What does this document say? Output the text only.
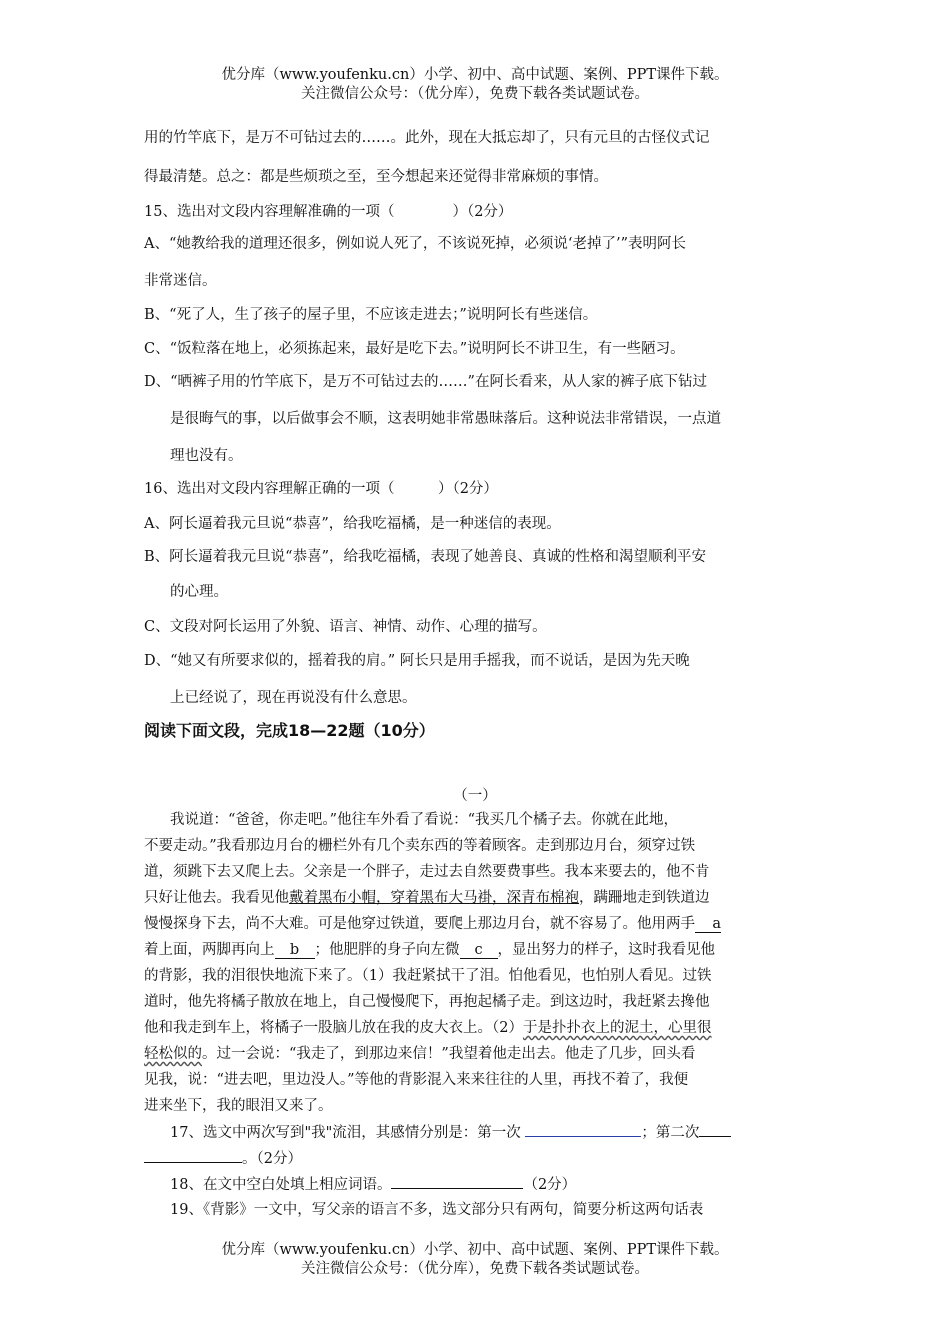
优分库（www.youfenku.cn）小学、初中、高中试题、案例、PPT课件下载。
关注微信公众号：（优分库），免费下载各类试题试卷。
用的竹竿底下，是万不可钻过去的……。此外，现在大抵忘却了，只有元旦的古怪仪式记
得最清楚。总之：都是些烦琐之至，至今想起来还觉得非常麻烦的事情。
15、选出对文段内容理解准确的一项（　　　　）（2分）
A、“她教给我的道理还很多，例如说人死了，不该说死掉，必须说‘老掉了’”表明阿长
非常迷信。
B、“死了人，生了孩子的屋子里，不应该走进去；”说明阿长有些迷信。
C、“饭粒落在地上，必须拣起来，最好是吃下去。”说明阿长不讲卫生，有一些陋习。
D、“晒裤子用的竹竿底下，是万不可钻过去的……”在阿长看来，从人家的裤子底下钻过
是很晦气的事，以后做事会不顺，这表明她非常愚昧落后。这种说法非常错误，一点道
理也没有。
16、选出对文段内容理解正确的一项（　　　）（2分）
A、阿长逼着我元旦说“恭喜”，给我吃福橘，是一种迷信的表现。
B、阿长逼着我元旦说“恭喜”，给我吃福橘，表现了她善良、真诚的性格和渴望顺利平安
的心理。
C、文段对阿长运用了外貌、语言、神情、动作、心理的描写。
D、“她又有所要求似的，摇着我的肩。” 阿长只是用手摇我，而不说话，是因为先天晚
上已经说了，现在再说没有什么意思。
阅读下面文段，完成18—22题（10分）
（一）
我说道：“爸爸，你走吧。”他往车外看了看说：“我买几个橘子去。你就在此地，
不要走动。”我看那边月台的栅栏外有几个卖东西的等着顾客。走到那边月台，须穿过铁
道，须跳下去又爬上去。父亲是一个胖子，走过去自然要费事些。我本来要去的，他不肯
只好让他去。我看见他戴着黑布小帽，穿着黑布大马褂，深青布棉袍，蹒跚地走到铁道边
慢慢探身下去，尚不大难。可是他穿过铁道，要爬上那边月台，就不容易了。他用两手 a
着上面，两脚再向上 b ；他肥胖的身子向左微 c ，显出努力的样子，这时我看见他
的背影，我的泪很快地流下来了。（1）我赶紧拭干了泪。怕他看见，也怕别人看见。过铁
道时，他先将橘子散放在地上，自己慢慢爬下，再抱起橘子走。到这边时，我赶紧去搀他
他和我走到车上，将橘子一股脑儿放在我的皮大衣上。（2）于是扑扑衣上的泥土，心里很
轻松似的。过一会说：“我走了，到那边来信！”我望着他走出去。他走了几步，回头看
见我，说：“进去吧，里边没人。”等他的背影混入来来往往的人里，再找不着了，我便
进来坐下，我的眼泪又来了。
17、选文中两次写到"我"流泪，其感情分别是：第一次	；第二次
。（2分）
18、在文中空白处填上相应词语。	（2分）
19、《背影》一文中，写父亲的语言不多，选文部分只有两句，简要分析这两句话表
优分库（www.youfenku.cn）小学、初中、高中试题、案例、PPT课件下载。
关注微信公众号：（优分库），免费下载各类试题试卷。
